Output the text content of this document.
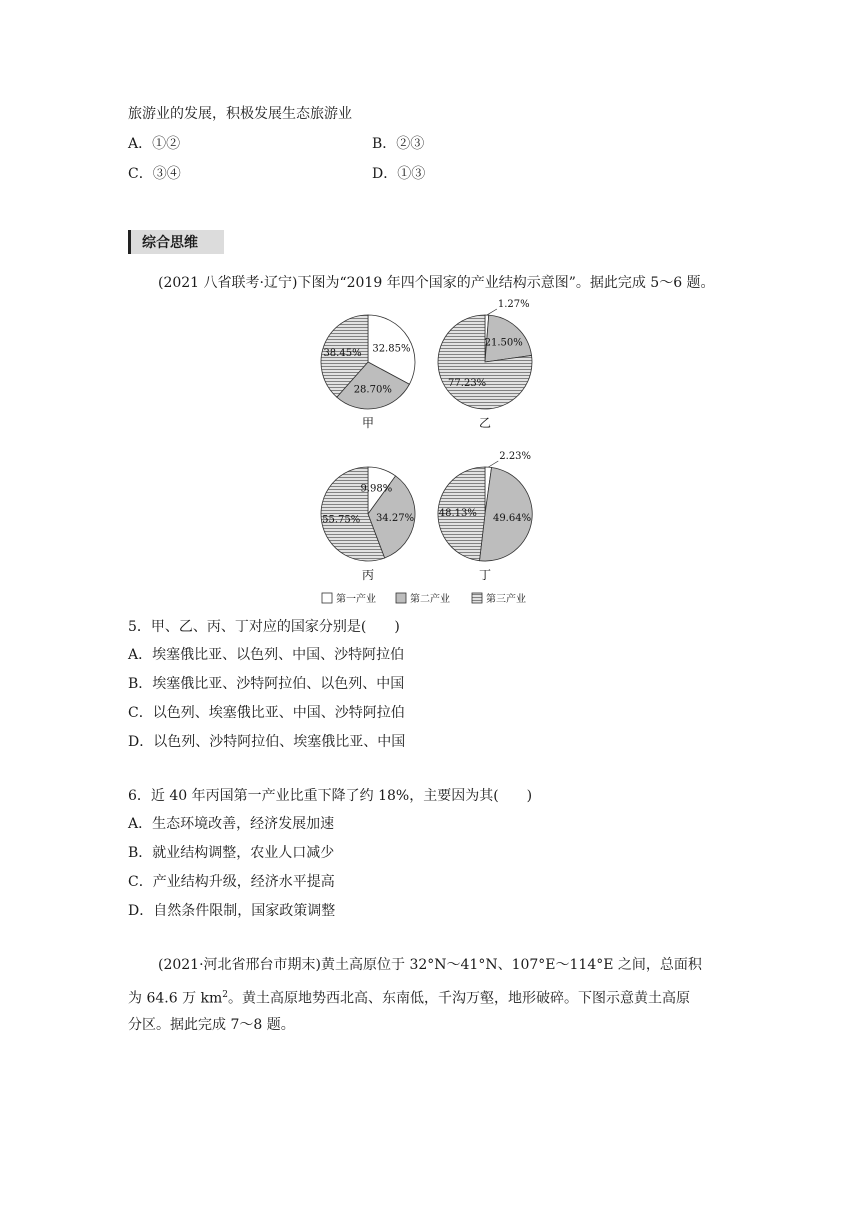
旅游业的发展，积极发展生态旅游业
A．①②	B．②③
C．③④	D．①③
综合思维
(2021 八省联考·辽宁)下图为“2019 年四个国家的产业结构示意图”。据此完成 5～6 题。
32.85%
28.70%
38.45%
甲
1.27%
21.50%
77.23%
乙
9.98%
34.27%
55.75%
丙
2.23%
49.64%
48.13%
丁
第一产业	第二产业	第三产业
5．甲、乙、丙、丁对应的国家分别是(　　)
A．埃塞俄比亚、以色列、中国、沙特阿拉伯
B．埃塞俄比亚、沙特阿拉伯、以色列、中国
C．以色列、埃塞俄比亚、中国、沙特阿拉伯
D．以色列、沙特阿拉伯、埃塞俄比亚、中国
6．近 40 年丙国第一产业比重下降了约 18%，主要因为其(　　)
A．生态环境改善，经济发展加速
B．就业结构调整，农业人口减少
C．产业结构升级，经济水平提高
D．自然条件限制，国家政策调整
(2021·河北省邢台市期末)黄土高原位于 32°N～41°N、107°E～114°E 之间，总面积
为 64.6 万 $km^2$。黄土高原地势西北高、东南低，千沟万壑，地形破碎。下图示意黄土高原
分区。据此完成 7～8 题。
